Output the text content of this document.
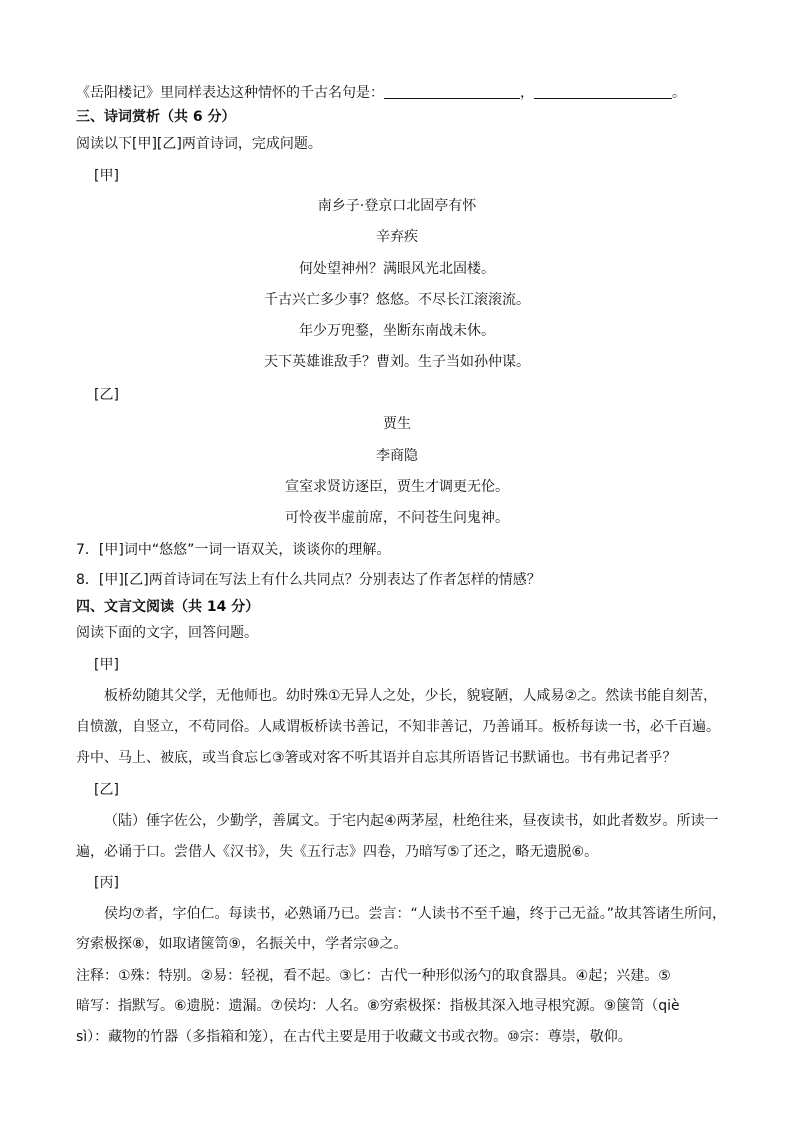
《岳阳楼记》里同样表达这种情怀的千古名句是：	，	。
三、诗词赏析（共 6 分）
阅读以下[甲][乙]两首诗词，完成问题。
[甲]
南乡子·登京口北固亭有怀
辛弃疾
何处望神州？满眼风光北固楼。
千古兴亡多少事？悠悠。不尽长江滚滚流。
年少万兜鍪，坐断东南战未休。
天下英雄谁敌手？曹刘。生子当如孙仲谋。
[乙]
贾生
李商隐
宣室求贤访逐臣，贾生才调更无伦。
可怜夜半虚前席，不问苍生问鬼神。
7．[甲]词中“悠悠”一词一语双关，谈谈你的理解。
8．[甲][乙]两首诗词在写法上有什么共同点？分别表达了作者怎样的情感？
四、文言文阅读（共 14 分）
阅读下面的文字，回答问题。
[甲]
板桥幼随其父学，无他师也。幼时殊①无异人之处，少长，貌寝陋，人咸易②之。然读书能自刻苦，
自愤激，自竖立，不苟同俗。人咸谓板桥读书善记，不知非善记，乃善诵耳。板桥每读一书，必千百遍。
舟中、马上、被底，或当食忘匕③箸或对客不听其语并自忘其所语皆记书默诵也。书有弗记者乎？
[乙]
（陆）倕字佐公，少勤学，善属文。于宅内起④两茅屋，杜绝往来，昼夜读书，如此者数岁。所读一
遍，必诵于口。尝借人《汉书》，失《五行志》四卷，乃暗写⑤了还之，略无遗脱⑥。
[丙]
侯均⑦者，字伯仁。每读书，必熟诵乃已。尝言：“人读书不至千遍，终于己无益。”故其答诸生所问，
穷索极探⑧，如取诸箧笥⑨，名振关中，学者宗⑩之。
注释：①殊：特别。②易：轻视，看不起。③匕：古代一种形似汤勺的取食器具。④起；兴建。⑤
暗写：指默写。⑥遗脱：遗漏。⑦侯均：人名。⑧穷索极探：指极其深入地寻根究源。⑨箧笥（qiè
sì）：藏物的竹器（多指箱和笼），在古代主要是用于收藏文书或衣物。⑩宗：尊崇，敬仰。
